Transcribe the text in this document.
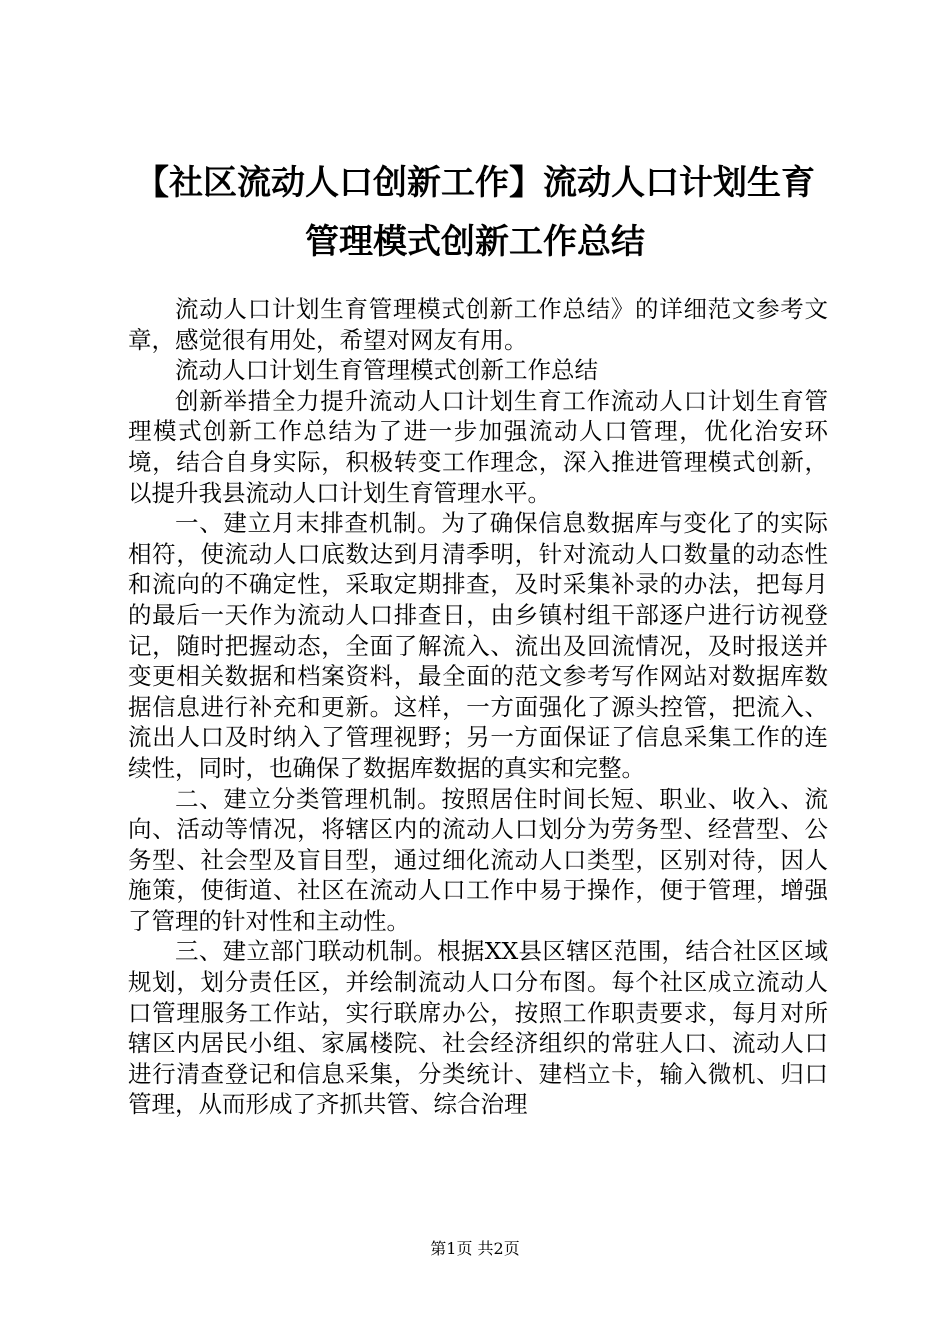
【社区流动人口创新工作】流动人口计划生育
管理模式创新工作总结

流动人口计划生育管理模式创新工作总结》的详细范文参考文章，感觉很有用处，希望对网友有用。

流动人口计划生育管理模式创新工作总结

创新举措全力提升流动人口计划生育工作流动人口计划生育管理模式创新工作总结为了进一步加强流动人口管理，优化治安环境，结合自身实际，积极转变工作理念，深入推进管理模式创新，以提升我县流动人口计划生育管理水平。

一、建立月末排查机制。为了确保信息数据库与变化了的实际相符，使流动人口底数达到月清季明，针对流动人口数量的动态性和流向的不确定性，采取定期排查，及时采集补录的办法，把每月的最后一天作为流动人口排查日，由乡镇村组干部逐户进行访视登记，随时把握动态，全面了解流入、流出及回流情况，及时报送并变更相关数据和档案资料，最全面的范文参考写作网站对数据库数据信息进行补充和更新。这样，一方面强化了源头控管，把流入、流出人口及时纳入了管理视野；另一方面保证了信息采集工作的连续性，同时，也确保了数据库数据的真实和完整。

二、建立分类管理机制。按照居住时间长短、职业、收入、流向、活动等情况，将辖区内的流动人口划分为劳务型、经营型、公务型、社会型及盲目型，通过细化流动人口类型，区别对待，因人施策，使街道、社区在流动人口工作中易于操作，便于管理，增强了管理的针对性和主动性。

三、建立部门联动机制。根据XX县区辖区范围，结合社区区域规划，划分责任区，并绘制流动人口分布图。每个社区成立流动人口管理服务工作站，实行联席办公，按照工作职责要求，每月对所辖区内居民小组、家属楼院、社会经济组织的常驻人口、流动人口进行清查登记和信息采集，分类统计、建档立卡，输入微机、归口管理，从而形成了齐抓共管、综合治理

第1页 共2页
